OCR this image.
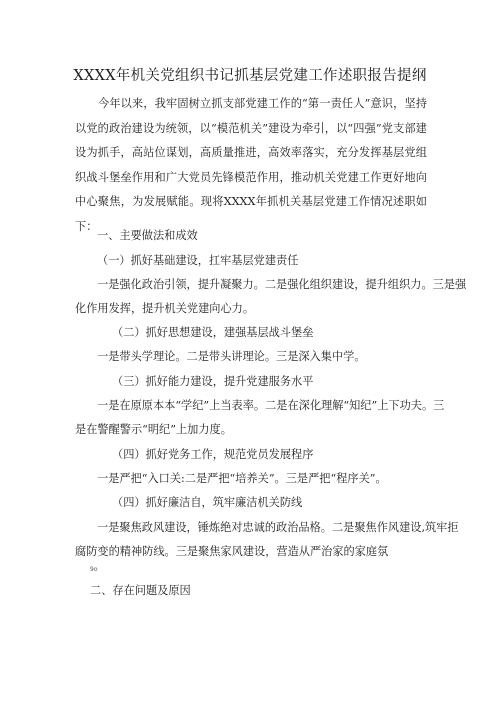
XXXX年机关党组织书记抓基层党建工作述职报告提纲
今年以来，我牢固树立抓支部党建工作的“第一责任人”意识，坚持以党的政治建设为统领，以“模范机关”建设为牵引，以“四强”党支部建设为抓手，高站位谋划，高质量推进，高效率落实，充分发挥基层党组织战斗堡垒作用和广大党员先锋模范作用，推动机关党建工作更好地向中心聚焦，为发展赋能。现将XXXX年抓机关基层党建工作情况述职如下：
一、主要做法和成效
（一）抓好基础建设，扛牢基层党建责任
一是强化政治引领，提升凝聚力。二是强化组织建设，提升组织力。三是强
化作用发挥，提升机关党建向心力。
（二）抓好思想建设，建强基层战斗堡垒
一是带头学理论。二是带头讲理论。三是深入集中学。
（三）抓好能力建设，提升党建服务水平
一是在原原本本“学纪”上当表率。二是在深化理解“知纪”上下功夫。三
是在警醒警示“明纪”上加力度。
（四）抓好党务工作，规范党员发展程序
一是严把“入口关:二是严把“培养关”。三是严把“程序关”。
（四）抓好廉洁自，筑牢廉洁机关防线
一是聚焦政风建设，锤炼绝对忠诚的政治品格。二是聚焦作风建设,筑牢拒
腐防变的精神防线。三是聚焦家风建设，营造从严治家的家庭氛
9o
二、存在问题及原因
